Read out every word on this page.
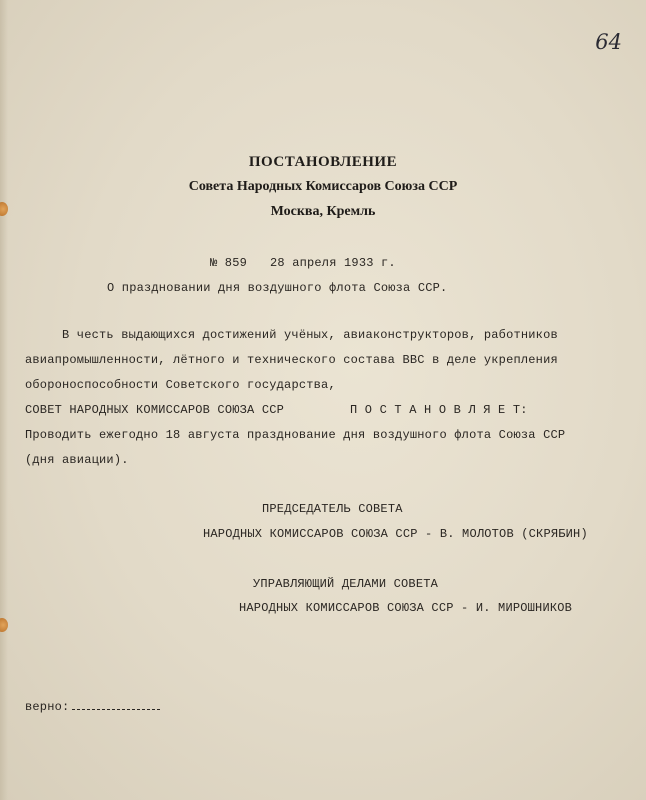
64
ПОСТАНОВЛЕНИЕ
Совета Народных Комиссаров Союза ССР
Москва, Кремль
№ 859 28 апреля 1933 г.
О праздновании дня воздушного флота Союза ССР.
В честь выдающихся достижений учёных, авиаконструкторов, работников
авиапромышленности, лётного и технического состава ВВС в деле укрепления
обороноспособности Советского государства,
СОВЕТ НАРОДНЫХ КОМИССАРОВ СОЮЗА ССР	П О С Т А Н О В Л Я Е Т:
Проводить ежегодно 18 августа празднование дня воздушного флота Союза ССР
(дня авиации).
ПРЕДСЕДАТЕЛЬ СОВЕТА
НАРОДНЫХ КОМИССАРОВ СОЮЗА ССР - В. МОЛОТОВ (СКРЯБИН)
УПРАВЛЯЮЩИЙ ДЕЛАМИ СОВЕТА
НАРОДНЫХ КОМИССАРОВ СОЮЗА ССР - И. МИРОШНИКОВ
верно:
